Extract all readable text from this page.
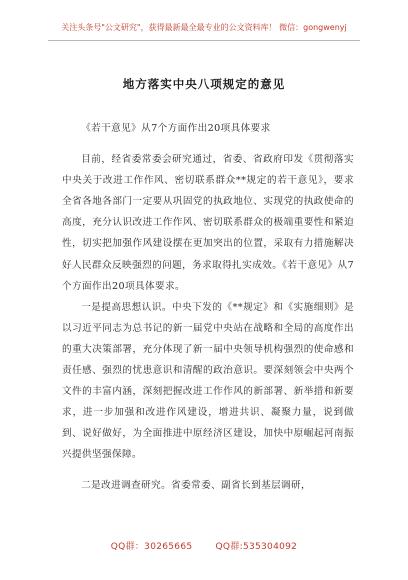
关注头条号"公文研究"，获得最新最全最专业的公文资料库！ 微信：gongwenyj
地方落实中央八项规定的意见

《若干意见》从7个方面作出20项具体要求

目前，经省委常委会研究通过，省委、省政府印发《贯彻落实中央关于改进工作作风、密切联系群众**规定的若干意见》，要求全省各地各部门一定要从巩固党的执政地位、实现党的执政使命的高度，充分认识改进工作作风、密切联系群众的极端重要性和紧迫性，切实把加强作风建设摆在更加突出的位置，采取有力措施解决好人民群众反映强烈的问题，务求取得扎实成效。《若干意见》从7个方面作出20项具体要求。

一是提高思想认识。中央下发的《**规定》和《实施细则》是以习近平同志为总书记的新一届党中央站在战略和全局的高度作出的重大决策部署，充分体现了新一届中央领导机构强烈的使命感和责任感、强烈的忧患意识和清醒的政治意识。要深刻领会中央两个文件的丰富内涵，深刻把握改进工作作风的新部署、新举措和新要求，进一步加强和改进作风建设，增进共识、凝聚力量，说到做到、说好做好，为全面推进中原经济区建设，加快中原崛起河南振兴提供坚强保障。

二是改进调查研究。省委常委、副省长到基层调研，

QQ群：30265665	QQ群:535304092
